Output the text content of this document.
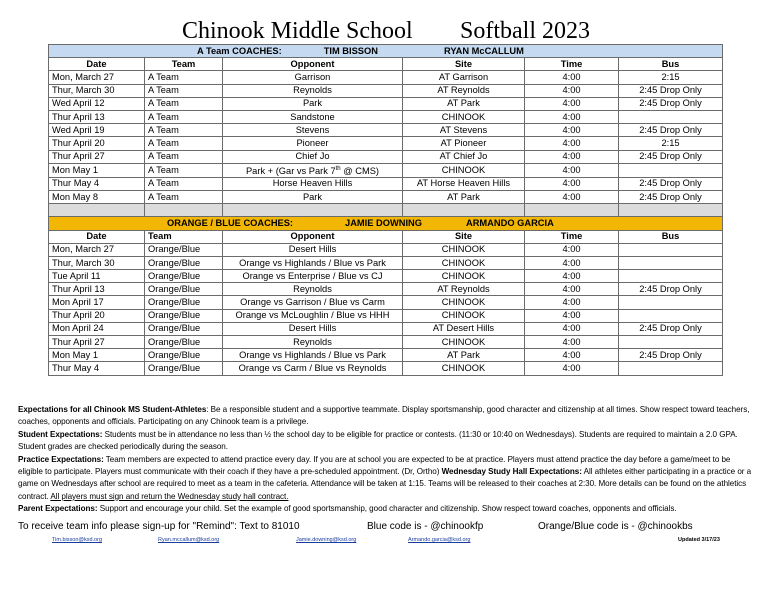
Chinook Middle School Softball 2023
A Team COACHES: TIM BISSON RYAN McCALLUM					
Date	Team	Opponent	Site	Time	Bus
Mon, March 27	A Team	Garrison	AT Garrison	4:00	2:15
Thur, March 30	A Team	Reynolds	AT Reynolds	4:00	2:45 Drop Only
Wed April 12	A Team	Park	AT Park	4:00	2:45 Drop Only
Thur April 13	A Team	Sandstone	CHINOOK	4:00	
Wed April 19	A Team	Stevens	AT Stevens	4:00	2:45 Drop Only
Thur April 20	A Team	Pioneer	AT Pioneer	4:00	2:15
Thur April 27	A Team	Chief Jo	AT Chief Jo	4:00	2:45 Drop Only
Mon May 1	A Team	Park + (Gar vs Park 7th @ CMS)	CHINOOK	4:00	
Thur May 4	A Team	Horse Heaven Hills	AT Horse Heaven Hills	4:00	2:45 Drop Only
Mon May 8	A Team	Park	AT Park	4:00	2:45 Drop Only

ORANGE / BLUE COACHES: JAMIE DOWNING ARMANDO GARCIA					
Date	Team	Opponent	Site	Time	Bus
Mon, March 27	Orange/Blue	Desert Hills	CHINOOK	4:00	
Thur, March 30	Orange/Blue	Orange vs Highlands / Blue vs Park	CHINOOK	4:00	
Tue April 11	Orange/Blue	Orange vs Enterprise / Blue vs CJ	CHINOOK	4:00	
Thur April 13	Orange/Blue	Reynolds	AT Reynolds	4:00	2:45 Drop Only
Mon April 17	Orange/Blue	Orange vs Garrison / Blue vs Carm	CHINOOK	4:00	
Thur April 20	Orange/Blue	Orange vs McLoughlin / Blue vs HHH	CHINOOK	4:00	
Mon April 24	Orange/Blue	Desert Hills	AT Desert Hills	4:00	2:45 Drop Only
Thur April 27	Orange/Blue	Reynolds	CHINOOK	4:00	
Mon May 1	Orange/Blue	Orange vs Highlands / Blue vs Park	AT Park	4:00	2:45 Drop Only
Thur May 4	Orange/Blue	Orange vs Carm / Blue vs Reynolds	CHINOOK	4:00	

Expectations for all Chinook MS Student-Athletes: Be a responsible student and a supportive teammate. Display sportsmanship, good character and citizenship at all times. Show respect toward teachers, coaches, opponents and officials. Participating on any Chinook team is a privilege.

Student Expectations: Students must be in attendance no less than ½ the school day to be eligible for practice or contests. (11:30 or 10:40 on Wednesdays). Students are required to maintain a 2.0 GPA. Student grades are checked periodically during the season.

Practice Expectations: Team members are expected to attend practice every day. If you are at school you are expected to be at practice. Players must attend practice the day before a game/meet to be eligible to participate. Players must communicate with their coach if they have a pre-scheduled appointment. (Dr, Ortho) Wednesday Study Hall Expectations: All athletes either participating in a practice or a game on Wednesdays after school are required to meet as a team in the cafeteria. Attendance will be taken at 1:15. Teams will be released to their coaches at 2:30. More details can be found on the athletics contract. All players must sign and return the Wednesday study hall contract.

Parent Expectations: Support and encourage your child. Set the example of good sportsmanship, good character and citizenship. Show respect toward coaches, opponents and officials.

To receive team info please sign-up for "Remind": Text to 81010	Blue code is - @chinookfp	Orange/Blue code is - @chinookbs
Tim.bisson@ksd.org	Ryan.mccallum@ksd.org	Jamie.downing@ksd.org	Armando.garcia@ksd.org	Updated 3/17/23
